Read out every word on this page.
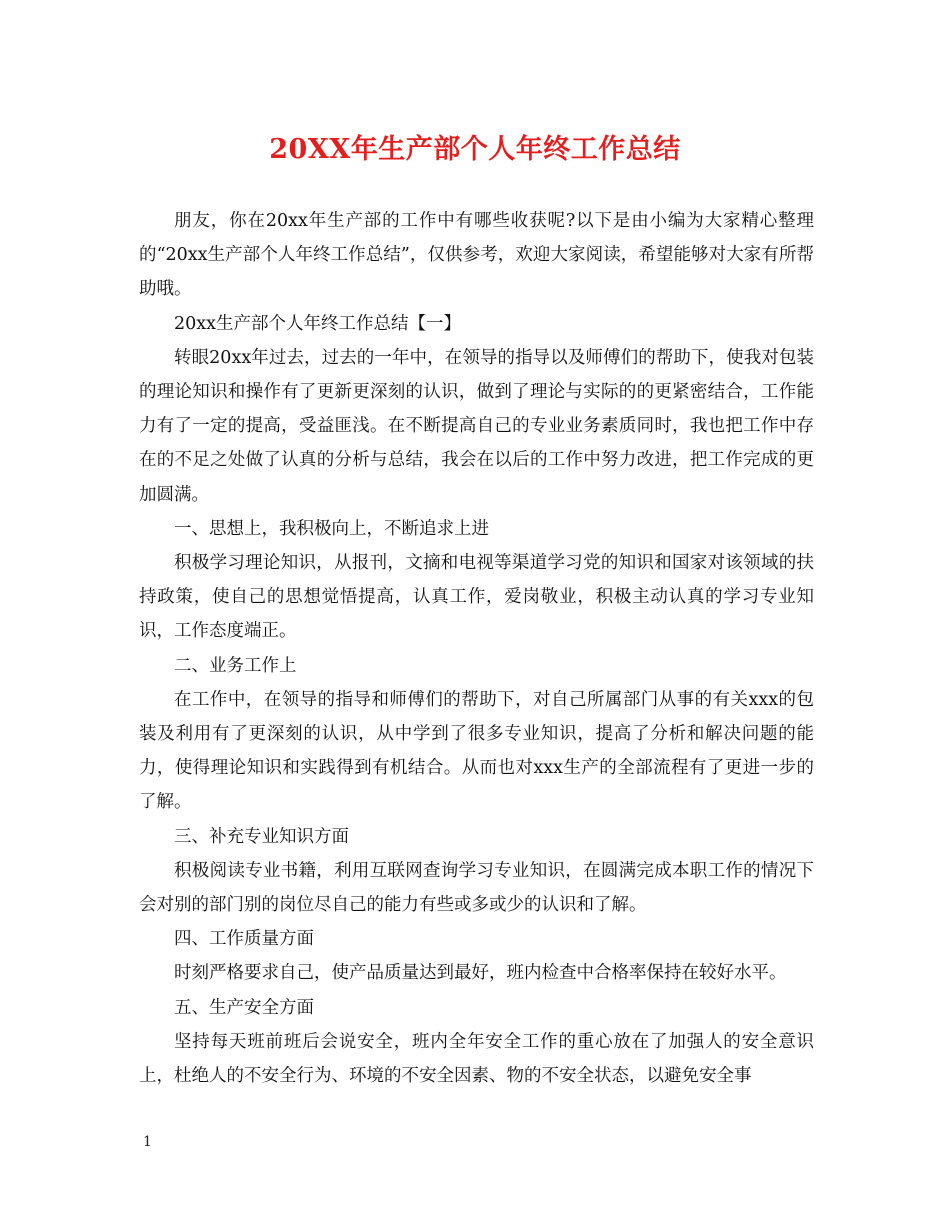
20XX年生产部个人年终工作总结

朋友，你在20xx年生产部的工作中有哪些收获呢?以下是由小编为大家精心整理的“20xx生产部个人年终工作总结”，仅供参考，欢迎大家阅读，希望能够对大家有所帮助哦。

20xx生产部个人年终工作总结【一】

转眼20xx年过去，过去的一年中，在领导的指导以及师傅们的帮助下，使我对包装的理论知识和操作有了更新更深刻的认识，做到了理论与实际的的更紧密结合，工作能力有了一定的提高，受益匪浅。在不断提高自己的专业业务素质同时，我也把工作中存在的不足之处做了认真的分析与总结，我会在以后的工作中努力改进，把工作完成的更加圆满。

一、思想上，我积极向上，不断追求上进

积极学习理论知识，从报刊，文摘和电视等渠道学习党的知识和国家对该领域的扶持政策，使自己的思想觉悟提高，认真工作，爱岗敬业，积极主动认真的学习专业知识，工作态度端正。

二、业务工作上

在工作中，在领导的指导和师傅们的帮助下，对自己所属部门从事的有关xxx的包装及利用有了更深刻的认识，从中学到了很多专业知识，提高了分析和解决问题的能力，使得理论知识和实践得到有机结合。从而也对xxx生产的全部流程有了更进一步的了解。

三、补充专业知识方面

积极阅读专业书籍，利用互联网查询学习专业知识，在圆满完成本职工作的情况下会对别的部门别的岗位尽自己的能力有些或多或少的认识和了解。

四、工作质量方面

时刻严格要求自己，使产品质量达到最好，班内检查中合格率保持在较好水平。

五、生产安全方面

坚持每天班前班后会说安全，班内全年安全工作的重心放在了加强人的安全意识上，杜绝人的不安全行为、环境的不安全因素、物的不安全状态，以避免安全事

1
